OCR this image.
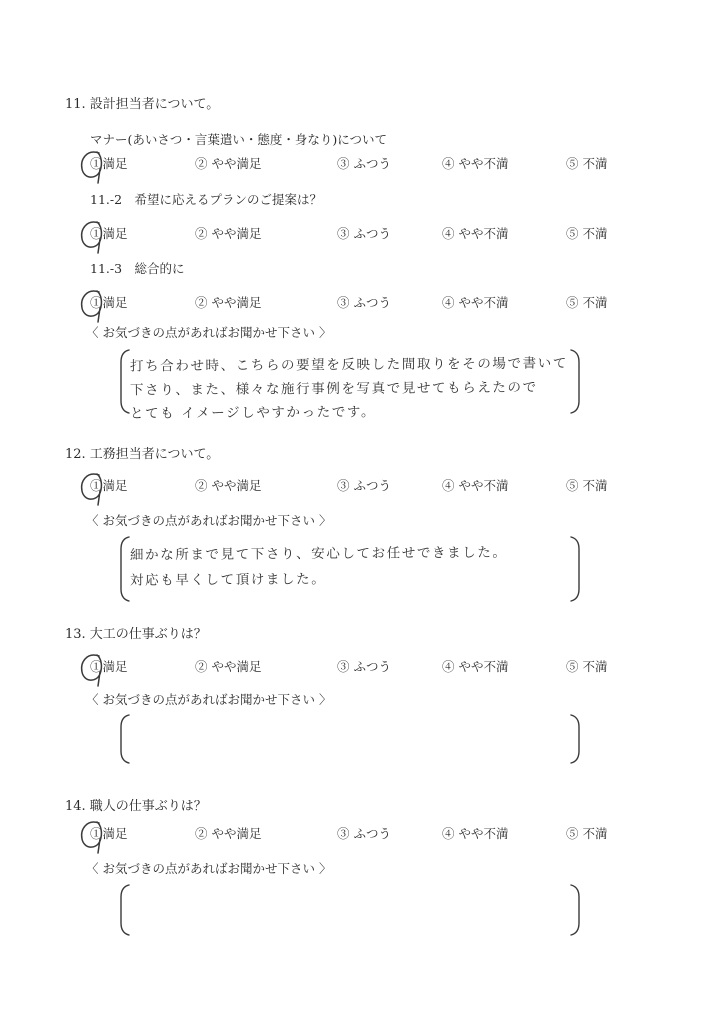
11. 設計担当者について。
マナー(あいさつ・言葉遣い・態度・身なり)について
①満足	② やや満足	③ ふつう	④ やや不満	⑤ 不満
11.-2　希望に応えるプランのご提案は？
①満足	② やや満足	③ ふつう	④ やや不満	⑤ 不満
11.-3　総合的に
①満足	② やや満足	③ ふつう	④ やや不満	⑤ 不満
〈 お気づきの点があればお聞かせ下さい 〉
打ち合わせ時、こちらの要望を反映した間取りをその場で書いて
下さり、また、様々な施行事例を写真で見せてもらえたので
とても イメージしやすかったです。
12. 工務担当者について。
①満足	② やや満足	③ ふつう	④ やや不満	⑤ 不満
〈 お気づきの点があればお聞かせ下さい 〉
細かな所まで見て下さり、安心してお任せできました。
対応も早くして頂けました。
13. 大工の仕事ぶりは？
①満足	② やや満足	③ ふつう	④ やや不満	⑤ 不満
〈 お気づきの点があればお聞かせ下さい 〉
14. 職人の仕事ぶりは？
①満足	② やや満足	③ ふつう	④ やや不満	⑤ 不満
〈 お気づきの点があればお聞かせ下さい 〉
